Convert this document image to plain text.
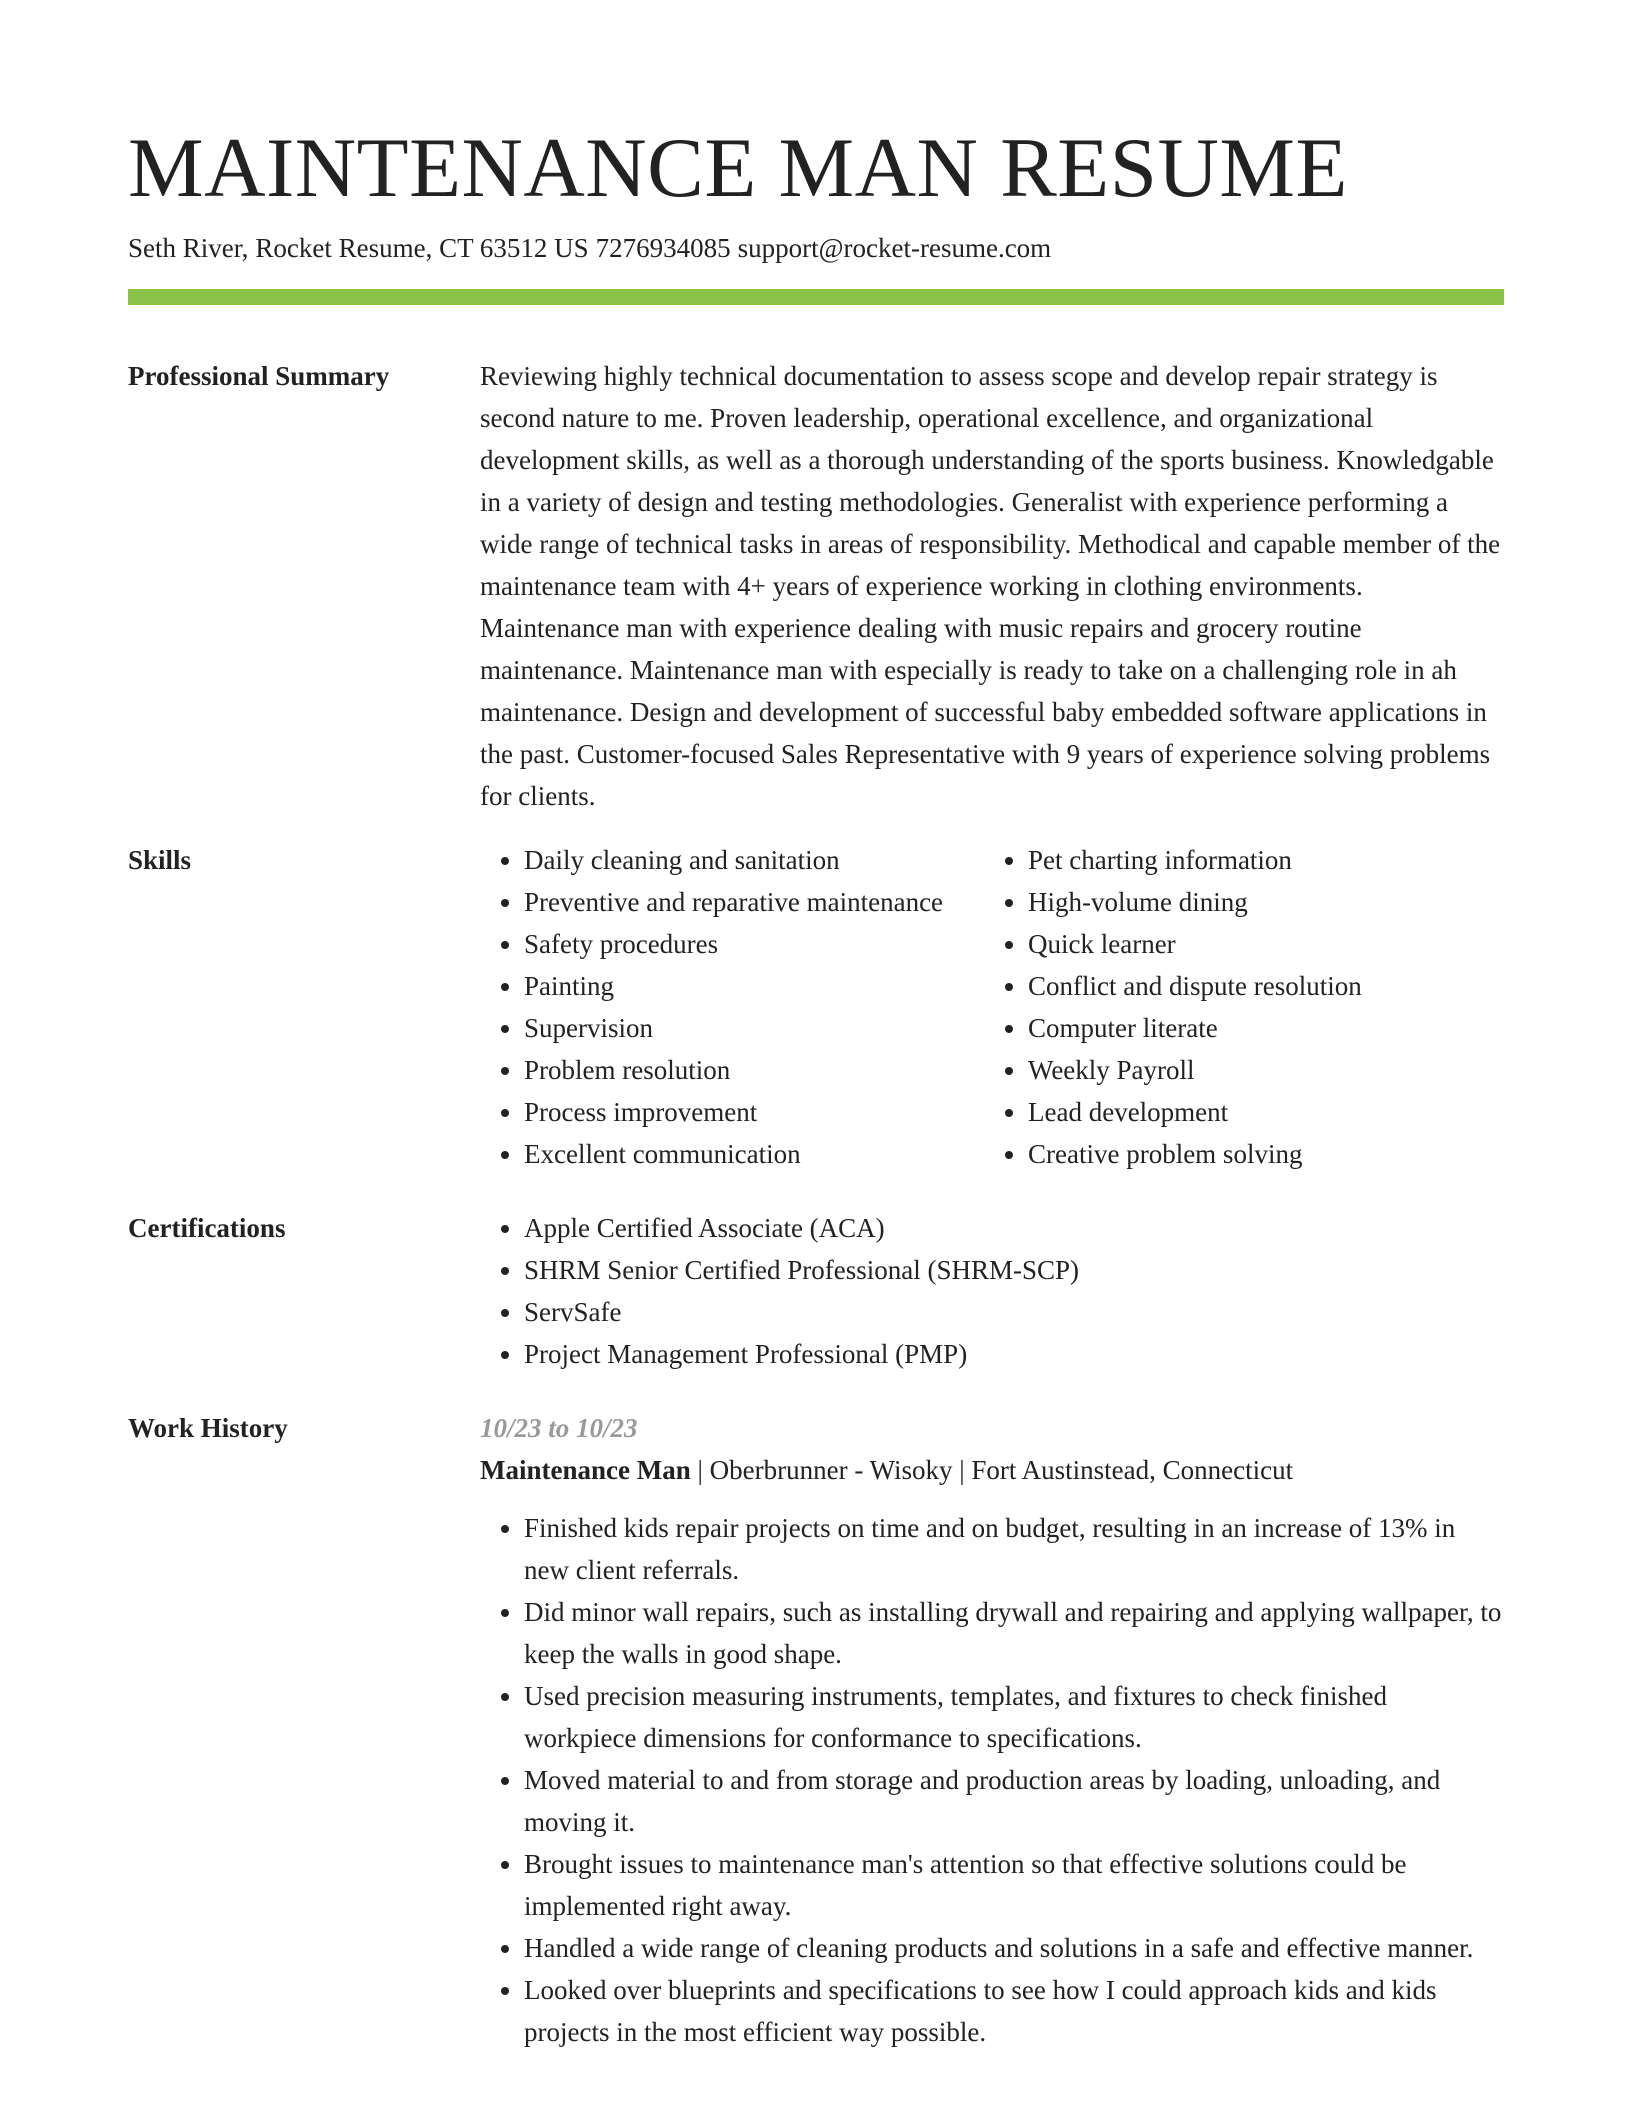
MAINTENANCE MAN RESUME
Seth River, Rocket Resume, CT 63512 US 7276934085 support@rocket-resume.com
Professional Summary	Reviewing highly technical documentation to assess scope and develop repair strategy is second nature to me. Proven leadership, operational excellence, and organizational development skills, as well as a thorough understanding of the sports business. Knowledgable in a variety of design and testing methodologies. Generalist with experience performing a wide range of technical tasks in areas of responsibility. Methodical and capable member of the maintenance team with 4+ years of experience working in clothing environments. Maintenance man with experience dealing with music repairs and grocery routine maintenance. Maintenance man with especially is ready to take on a challenging role in ah maintenance. Design and development of successful baby embedded software applications in the past. Customer-focused Sales Representative with 9 years of experience solving problems for clients.

Skills	• Daily cleaning and sanitation
• Preventive and reparative maintenance
• Safety procedures
• Painting
• Supervision
• Problem resolution
• Process improvement
• Excellent communication
• Pet charting information
• High-volume dining
• Quick learner
• Conflict and dispute resolution
• Computer literate
• Weekly Payroll
• Lead development
• Creative problem solving
Certifications	• Apple Certified Associate (ACA)
• SHRM Senior Certified Professional (SHRM-SCP)
• ServSafe
• Project Management Professional (PMP)
Work History	10/23 to 10/23
Maintenance Man | Oberbrunner - Wisoky | Fort Austinstead, Connecticut
• Finished kids repair projects on time and on budget, resulting in an increase of 13% in new client referrals.
• Did minor wall repairs, such as installing drywall and repairing and applying wallpaper, to keep the walls in good shape.
• Used precision measuring instruments, templates, and fixtures to check finished workpiece dimensions for conformance to specifications.
• Moved material to and from storage and production areas by loading, unloading, and moving it.
• Brought issues to maintenance man's attention so that effective solutions could be implemented right away.
• Handled a wide range of cleaning products and solutions in a safe and effective manner.
• Looked over blueprints and specifications to see how I could approach kids and kids projects in the most efficient way possible.
